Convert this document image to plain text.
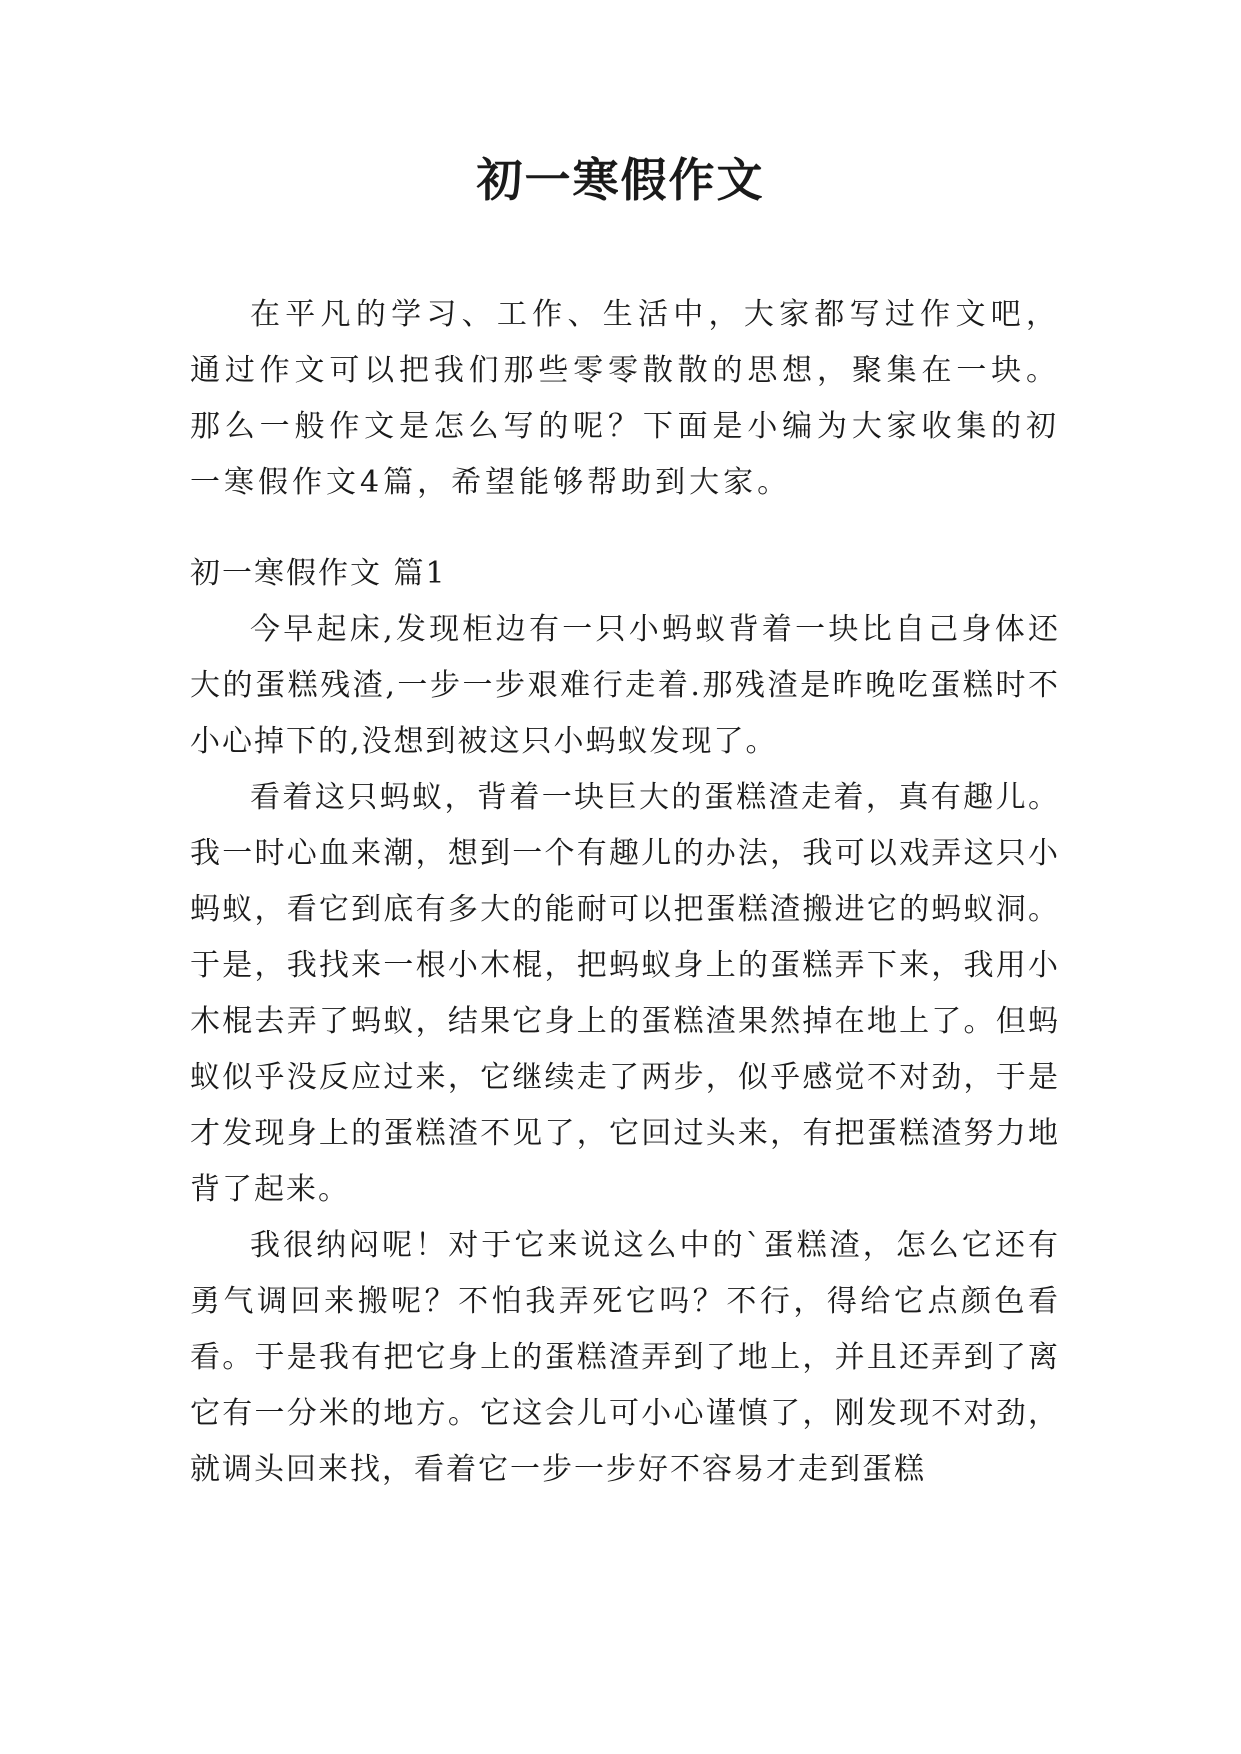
初一寒假作文

在平凡的学习、工作、生活中，大家都写过作文吧，通过作文可以把我们那些零零散散的思想，聚集在一块。那么一般作文是怎么写的呢？下面是小编为大家收集的初一寒假作文4篇，希望能够帮助到大家。

初一寒假作文 篇1

今早起床,发现柜边有一只小蚂蚁背着一块比自己身体还大的蛋糕残渣,一步一步艰难行走着.那残渣是昨晚吃蛋糕时不小心掉下的,没想到被这只小蚂蚁发现了。

看着这只蚂蚁，背着一块巨大的蛋糕渣走着，真有趣儿。我一时心血来潮，想到一个有趣儿的办法，我可以戏弄这只小蚂蚁，看它到底有多大的能耐可以把蛋糕渣搬进它的蚂蚁洞。于是，我找来一根小木棍，把蚂蚁身上的蛋糕弄下来，我用小木棍去弄了蚂蚁，结果它身上的蛋糕渣果然掉在地上了。但蚂蚁似乎没反应过来，它继续走了两步，似乎感觉不对劲，于是才发现身上的蛋糕渣不见了，它回过头来，有把蛋糕渣努力地背了起来。

我很纳闷呢！对于它来说这么中的`蛋糕渣，怎么它还有勇气调回来搬呢？不怕我弄死它吗？不行，得给它点颜色看看。于是我有把它身上的蛋糕渣弄到了地上，并且还弄到了离它有一分米的地方。它这会儿可小心谨慎了，刚发现不对劲，就调头回来找，看着它一步一步好不容易才走到蛋糕
